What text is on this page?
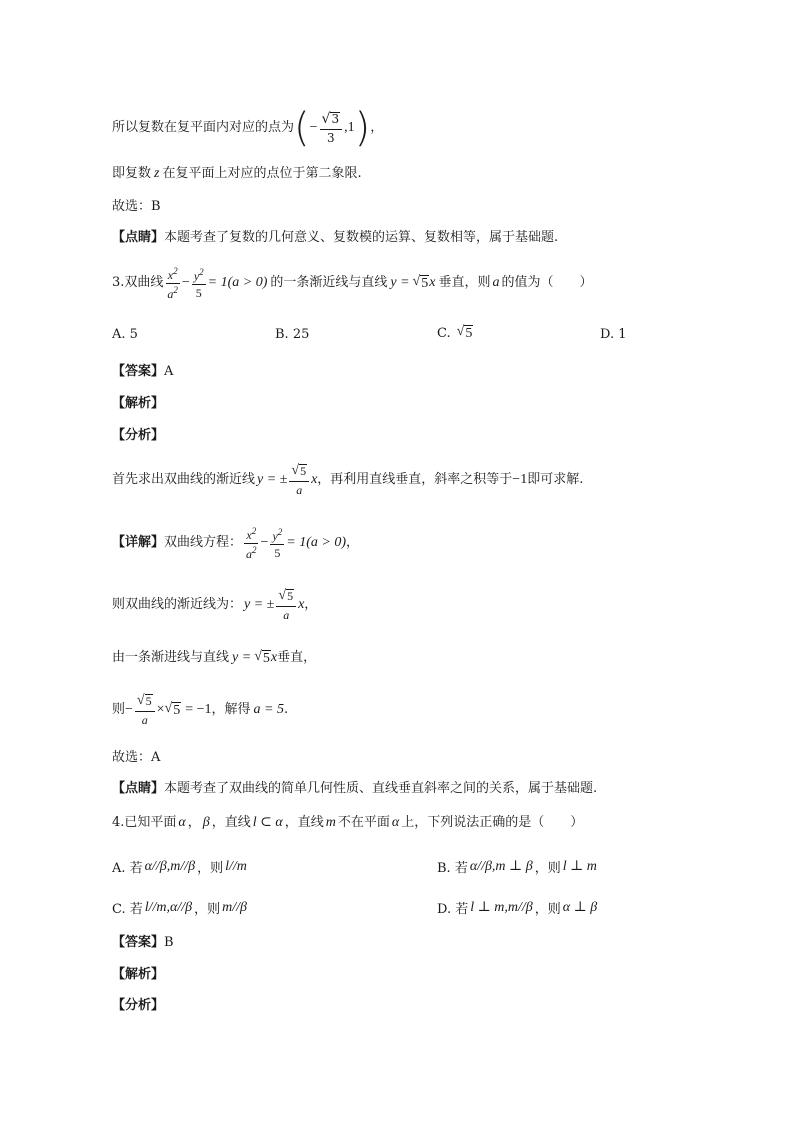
所以复数在复平面内对应的点为 ( − $\frac{√ 3}{3} ,1$ ) ，
即复数 z 在复平面上对应的点位于第二象限.
故选：B
【点睛】 本题考查了复数的几何意义、复数模的运算、复数相等，属于基础题.
3.双曲线 $\frac{x^2}{a^2} - \frac{y^2}{5} = 1(a > 0)$ 的一条渐近线与直线 y = √ 5 x 垂直，则 a 的值为（　　）
A. 5	B. 25	C. √ 5	D. 1
【答案】 A
【解析】
【分析】
首先求出双曲线的渐近线 y = ± $\frac{√ 5}{a}$ x ，再利用直线垂直，斜率之积等于 −1 即可求解.
【详解】 双曲线方程： $\frac{x^2}{a^2} - \frac{y^2}{5} = 1(a > 0)$ ，
则双曲线的渐近线为： y = ± $\frac{√ 5}{a}$ x ，
由一条渐进线与直线 y = √ 5 x 垂直，
则 − $\frac{√ 5}{a}$ × √ 5 = −1 ，解得 a = 5 .
故选：A
【点睛】 本题考查了双曲线的简单几何性质、直线垂直斜率之间的关系，属于基础题.
4.已知平面 α ， β ，直线 l ⊂ α ，直线 m 不在平面 α 上，下列说法正确的是（　　）
A. 若 α//β,m//β ，则 l//m	B. 若 α//β,m ⊥ β ，则 l ⊥ m
C. 若 l//m,α//β ，则 m//β	D. 若 l ⊥ m,m//β ，则 α ⊥ β
【答案】 B
【解析】
【分析】
